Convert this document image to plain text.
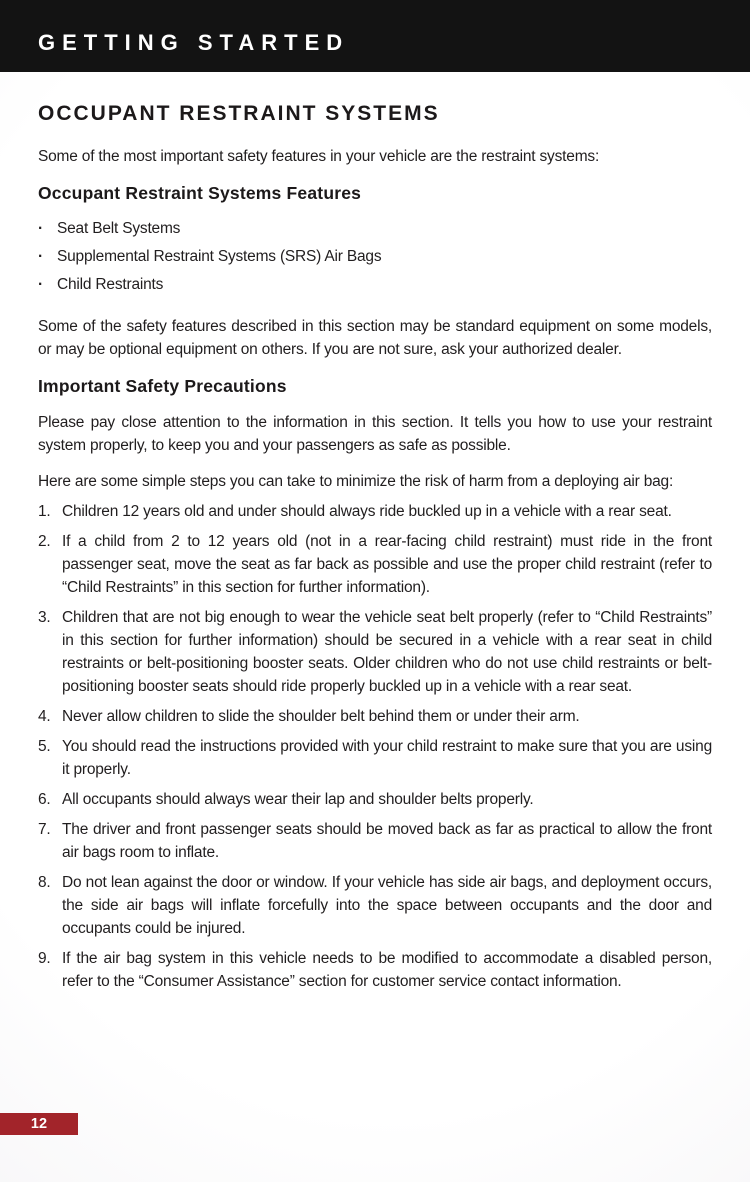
GETTING STARTED
OCCUPANT RESTRAINT SYSTEMS

Some of the most important safety features in your vehicle are the restraint systems:

Occupant Restraint Systems Features
·
Seat Belt Systems
·
Supplemental Restraint Systems (SRS) Air Bags
·
Child Restraints

Some of the safety features described in this section may be standard equipment on some models, or may be optional equipment on others. If you are not sure, ask your authorized dealer.

Important Safety Precautions

Please pay close attention to the information in this section. It tells you how to use your restraint system properly, to keep you and your passengers as safe as possible.

Here are some simple steps you can take to minimize the risk of harm from a deploying air bag:

1. Children 12 years old and under should always ride buckled up in a vehicle with a rear seat.
2. If a child from 2 to 12 years old (not in a rear-facing child restraint) must ride in the front passenger seat, move the seat as far back as possible and use the proper child restraint (refer to “Child Restraints” in this section for further information).
3. Children that are not big enough to wear the vehicle seat belt properly (refer to “Child Restraints” in this section for further information) should be secured in a vehicle with a rear seat in child restraints or belt-positioning booster seats. Older children who do not use child restraints or belt-positioning booster seats should ride properly buckled up in a vehicle with a rear seat.
4. Never allow children to slide the shoulder belt behind them or under their arm.
5. You should read the instructions provided with your child restraint to make sure that you are using it properly.
6. All occupants should always wear their lap and shoulder belts properly.
7. The driver and front passenger seats should be moved back as far as practical to allow the front air bags room to inflate.
8. Do not lean against the door or window. If your vehicle has side air bags, and deployment occurs, the side air bags will inflate forcefully into the space between occupants and the door and occupants could be injured.
9. If the air bag system in this vehicle needs to be modified to accommodate a disabled person, refer to the “Consumer Assistance” section for customer service contact information.
12
